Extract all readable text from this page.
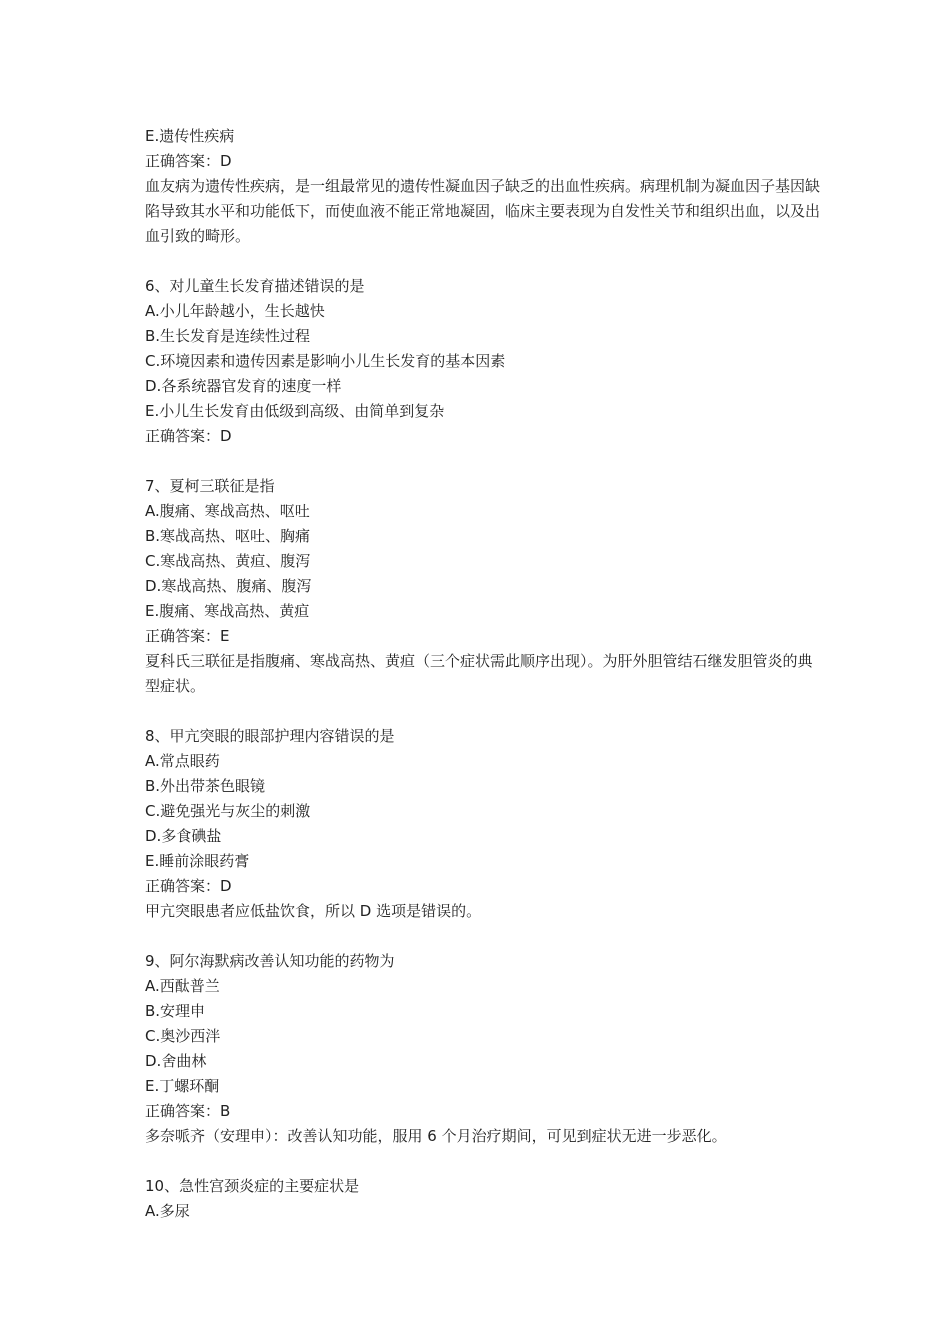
E.遗传性疾病

正确答案：D

血友病为遗传性疾病，是一组最常见的遗传性凝血因子缺乏的出血性疾病。病理机制为凝血因子基因缺陷导致其水平和功能低下，而使血液不能正常地凝固，临床主要表现为自发性关节和组织出血，以及出血引致的畸形。

6、对儿童生长发育描述错误的是

A.小儿年龄越小，生长越快

B.生长发育是连续性过程

C.环境因素和遗传因素是影响小儿生长发育的基本因素

D.各系统器官发育的速度一样

E.小儿生长发育由低级到高级、由简单到复杂

正确答案：D

7、夏柯三联征是指

A.腹痛、寒战高热、呕吐

B.寒战高热、呕吐、胸痛

C.寒战高热、黄疸、腹泻

D.寒战高热、腹痛、腹泻

E.腹痛、寒战高热、黄疸

正确答案：E

夏科氏三联征是指腹痛、寒战高热、黄疸（三个症状需此顺序出现）。为肝外胆管结石继发胆管炎的典型症状。

8、甲亢突眼的眼部护理内容错误的是

A.常点眼药

B.外出带茶色眼镜

C.避免强光与灰尘的刺激

D.多食碘盐

E.睡前涂眼药膏

正确答案：D

甲亢突眼患者应低盐饮食，所以 D 选项是错误的。

9、阿尔海默病改善认知功能的药物为

A.西酞普兰

B.安理申

C.奥沙西泮

D.舍曲林

E.丁螺环酮

正确答案：B

多奈哌齐（安理申）：改善认知功能，服用 6 个月治疗期间，可见到症状无进一步恶化。

10、急性宫颈炎症的主要症状是

A.多尿
